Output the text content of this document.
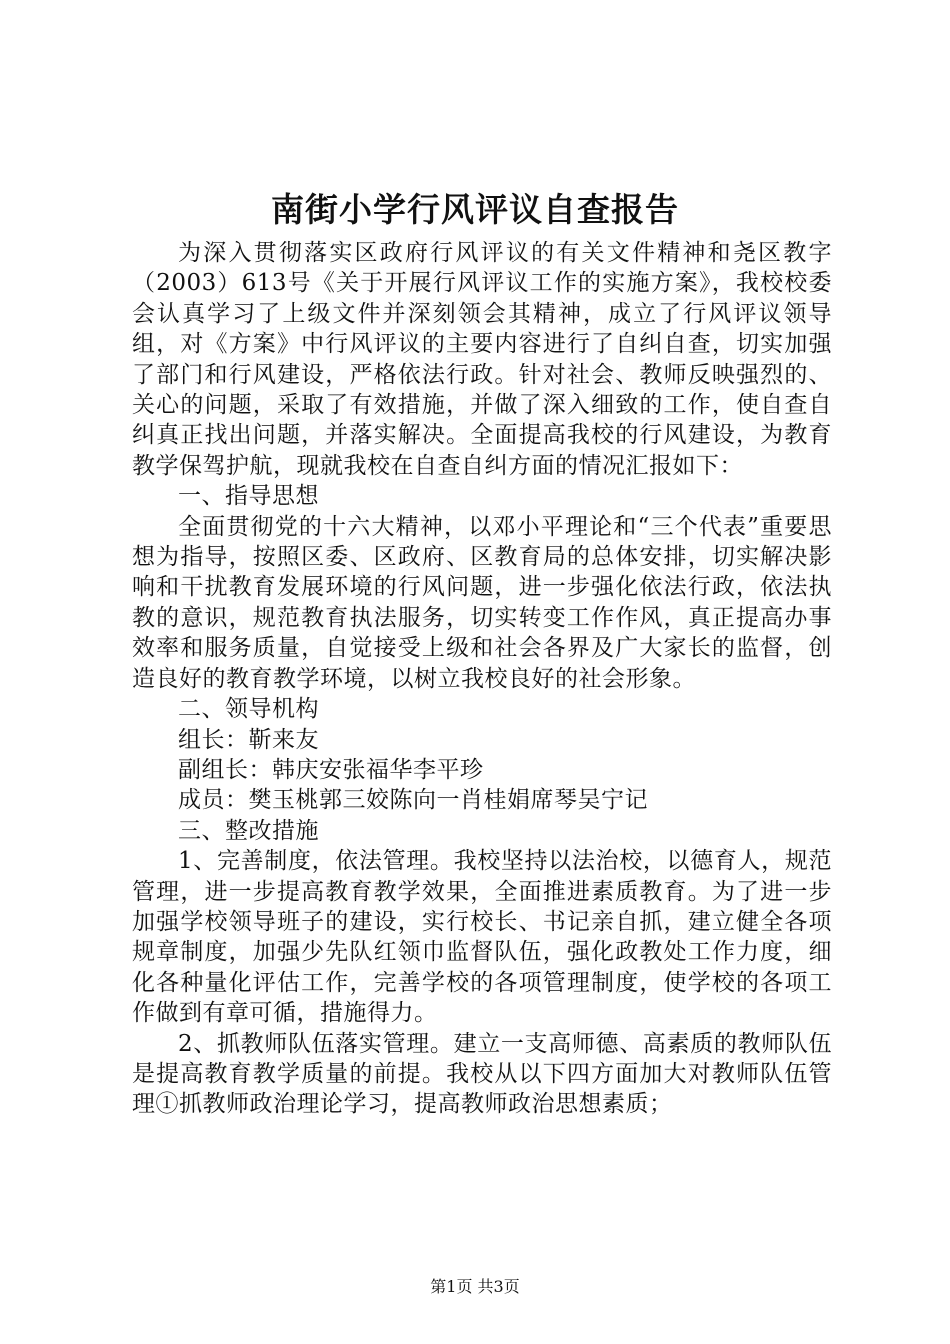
南街小学行风评议自查报告

为深入贯彻落实区政府行风评议的有关文件精神和尧区教字（2003）613号《关于开展行风评议工作的实施方案》，我校校委会认真学习了上级文件并深刻领会其精神，成立了行风评议领导组，对《方案》中行风评议的主要内容进行了自纠自查，切实加强了部门和行风建设，严格依法行政。针对社会、教师反映强烈的、关心的问题，采取了有效措施，并做了深入细致的工作，使自查自纠真正找出问题，并落实解决。全面提高我校的行风建设，为教育教学保驾护航，现就我校在自查自纠方面的情况汇报如下：

一、指导思想

全面贯彻党的十六大精神，以邓小平理论和“三个代表”重要思想为指导，按照区委、区政府、区教育局的总体安排，切实解决影响和干扰教育发展环境的行风问题，进一步强化依法行政，依法执教的意识，规范教育执法服务，切实转变工作作风，真正提高办事效率和服务质量，自觉接受上级和社会各界及广大家长的监督，创造良好的教育教学环境，以树立我校良好的社会形象。

二、领导机构

组长：靳来友

副组长：韩庆安张福华李平珍

成员：樊玉桃郭三姣陈向一肖桂娟席琴吴宁记

三、整改措施

1、完善制度，依法管理。我校坚持以法治校，以德育人，规范管理，进一步提高教育教学效果，全面推进素质教育。为了进一步加强学校领导班子的建设，实行校长、书记亲自抓，建立健全各项规章制度，加强少先队红领巾监督队伍，强化政教处工作力度，细化各种量化评估工作，完善学校的各项管理制度，使学校的各项工作做到有章可循，措施得力。

2、抓教师队伍落实管理。建立一支高师德、高素质的教师队伍是提高教育教学质量的前提。我校从以下四方面加大对教师队伍管理①抓教师政治理论学习，提高教师政治思想素质；

第1页 共3页
